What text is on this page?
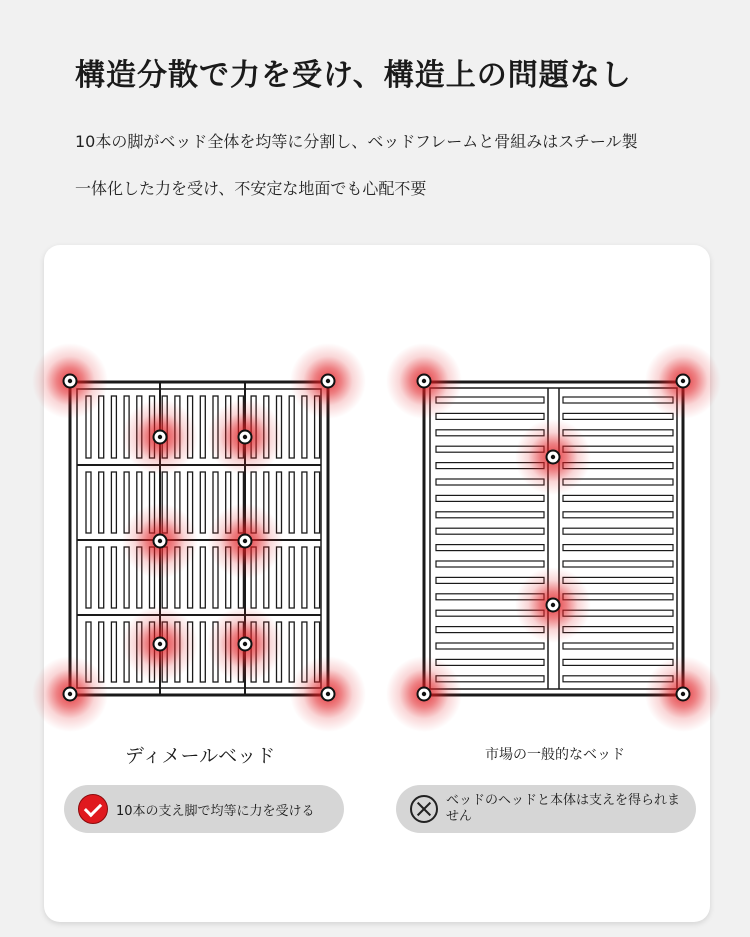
構造分散で力を受け、構造上の問題なし
10本の脚がベッド全体を均等に分割し、ベッドフレームと骨組みはスチール製
一体化した力を受け、不安定な地面でも心配不要
ディメールベッド	市場の一般的なベッド
10本の支え脚で均等に力を受ける
ベッドのヘッドと本体は支えを得られません
